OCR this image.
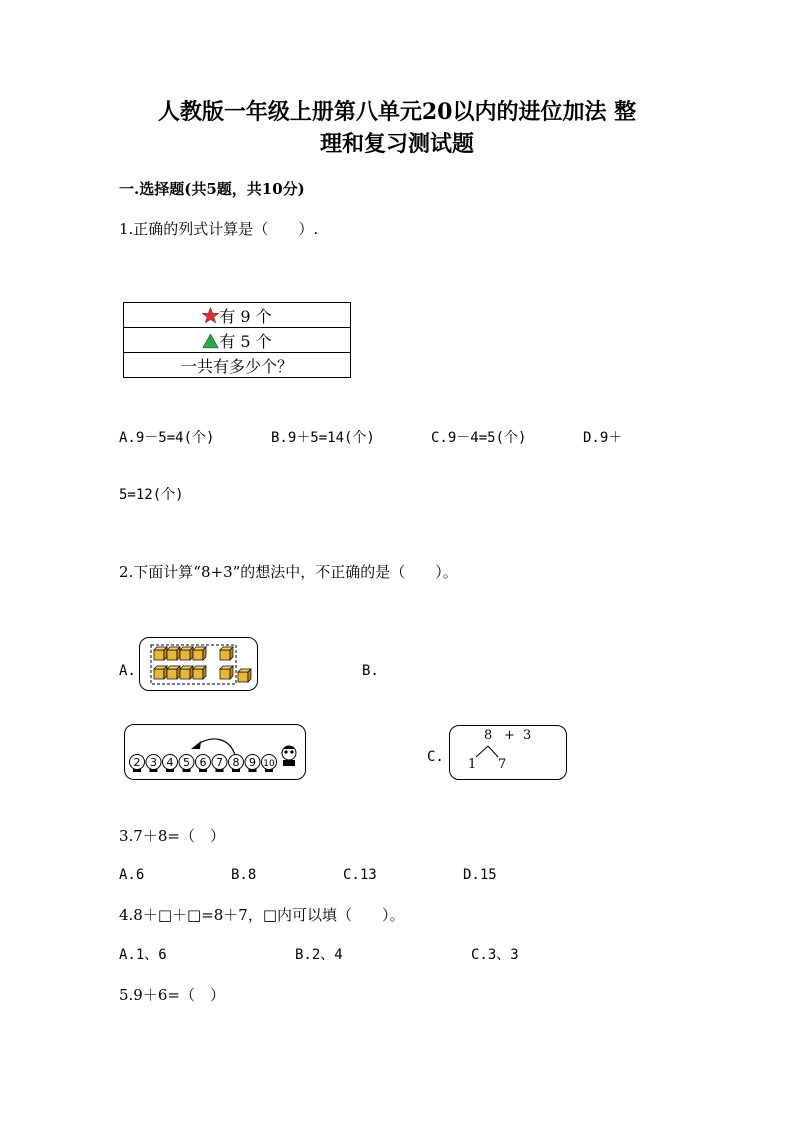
人教版一年级上册第八单元20以内的进位加法 整
理和复习测试题
一.选择题(共5题，共10分)
1.正确的列式计算是（　　）.
有 9 个
有 5 个
一共有多少个？
A.9－5=4(个)	B.9＋5=14(个)	C.9－4=5(个)	D.9＋
5=12(个)
2.下面计算“8+3”的想法中，不正确的是（　　）。
A.	B.
2 3 4 5 6 7 8 9 10	C.
8 + 3
1 7
3.7＋8=（　）
A.6	B.8	C.13	D.15
4.8＋□＋□=8＋7，□内可以填（　　）。
A.1、6	B.2、4	C.3、3
5.9＋6=（　）
